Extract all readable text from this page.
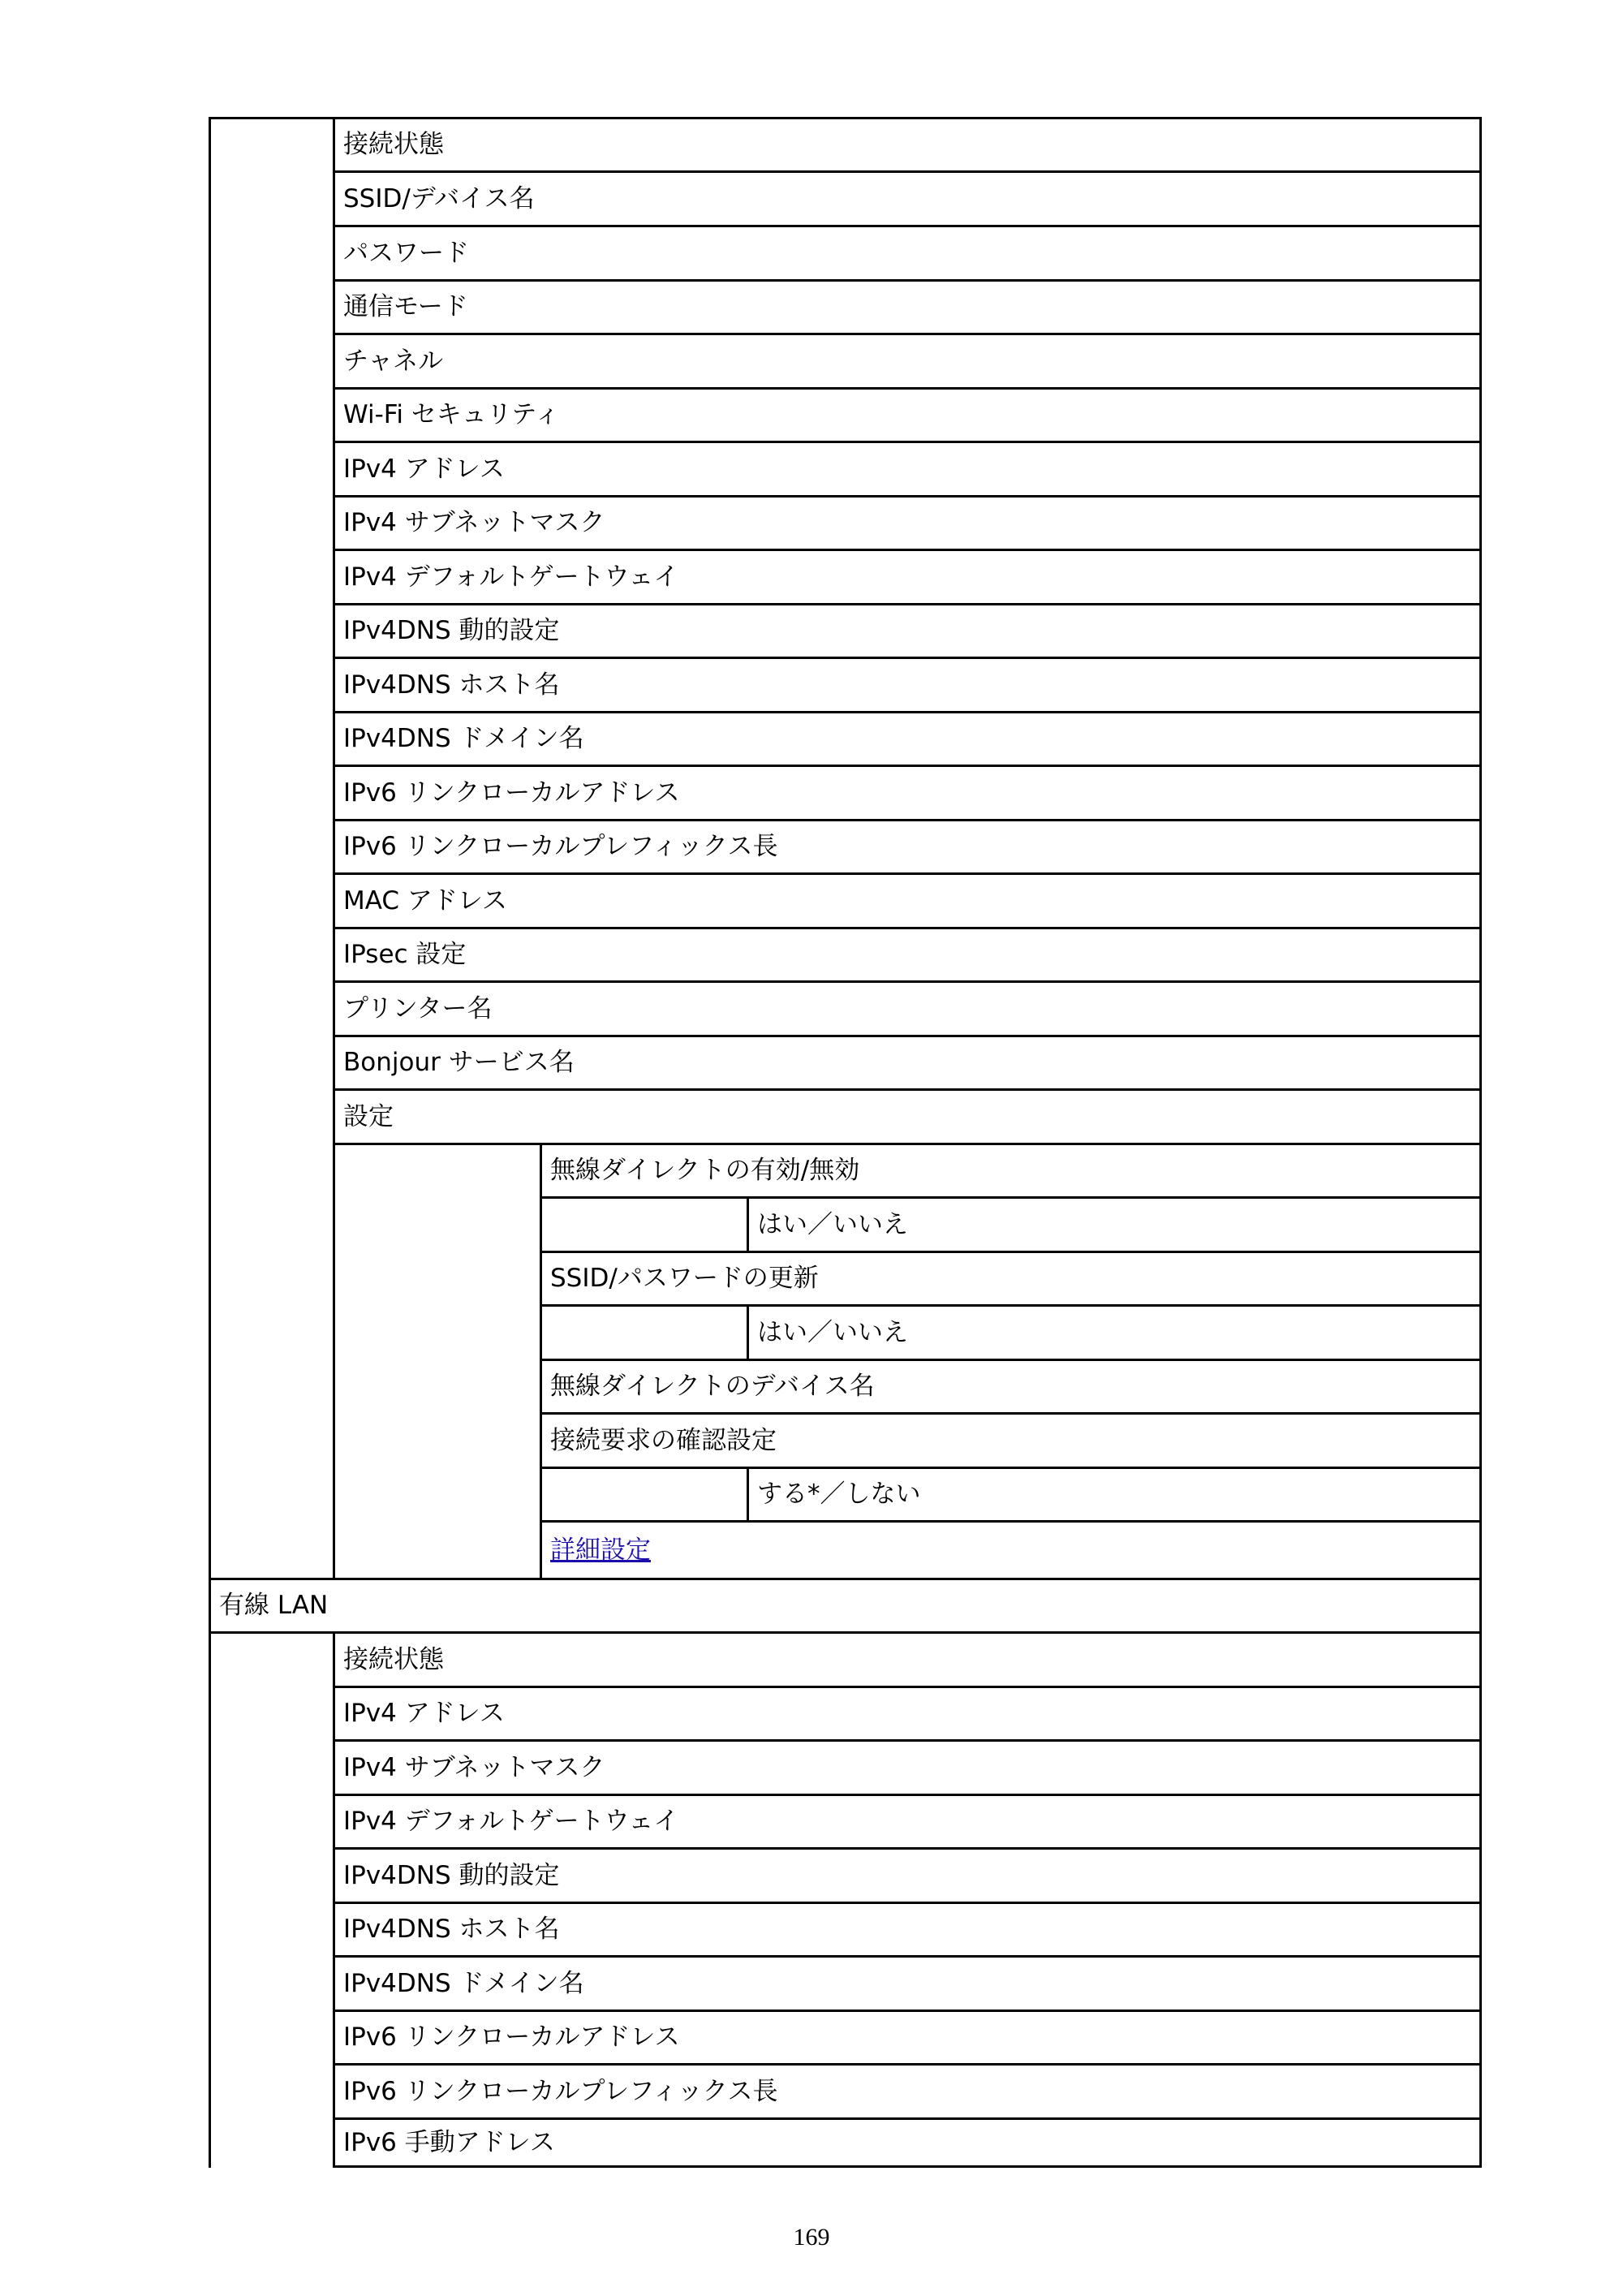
接続状態
SSID/デバイス名
パスワード
通信モード
チャネル
Wi-Fi セキュリティ
IPv4 アドレス
IPv4 サブネットマスク
IPv4 デフォルトゲートウェイ
IPv4DNS 動的設定
IPv4DNS ホスト名
IPv4DNS ドメイン名
IPv6 リンクローカルアドレス
IPv6 リンクローカルプレフィックス長
MAC アドレス
IPsec 設定
プリンター名
Bonjour サービス名
設定
無線ダイレクトの有効/無効
はい／いいえ
SSID/パスワードの更新
はい／いいえ
無線ダイレクトのデバイス名
接続要求の確認設定
する*／しない
詳細設定
有線 LAN
接続状態
IPv4 アドレス
IPv4 サブネットマスク
IPv4 デフォルトゲートウェイ
IPv4DNS 動的設定
IPv4DNS ホスト名
IPv4DNS ドメイン名
IPv6 リンクローカルアドレス
IPv6 リンクローカルプレフィックス長
IPv6 手動アドレス
169
